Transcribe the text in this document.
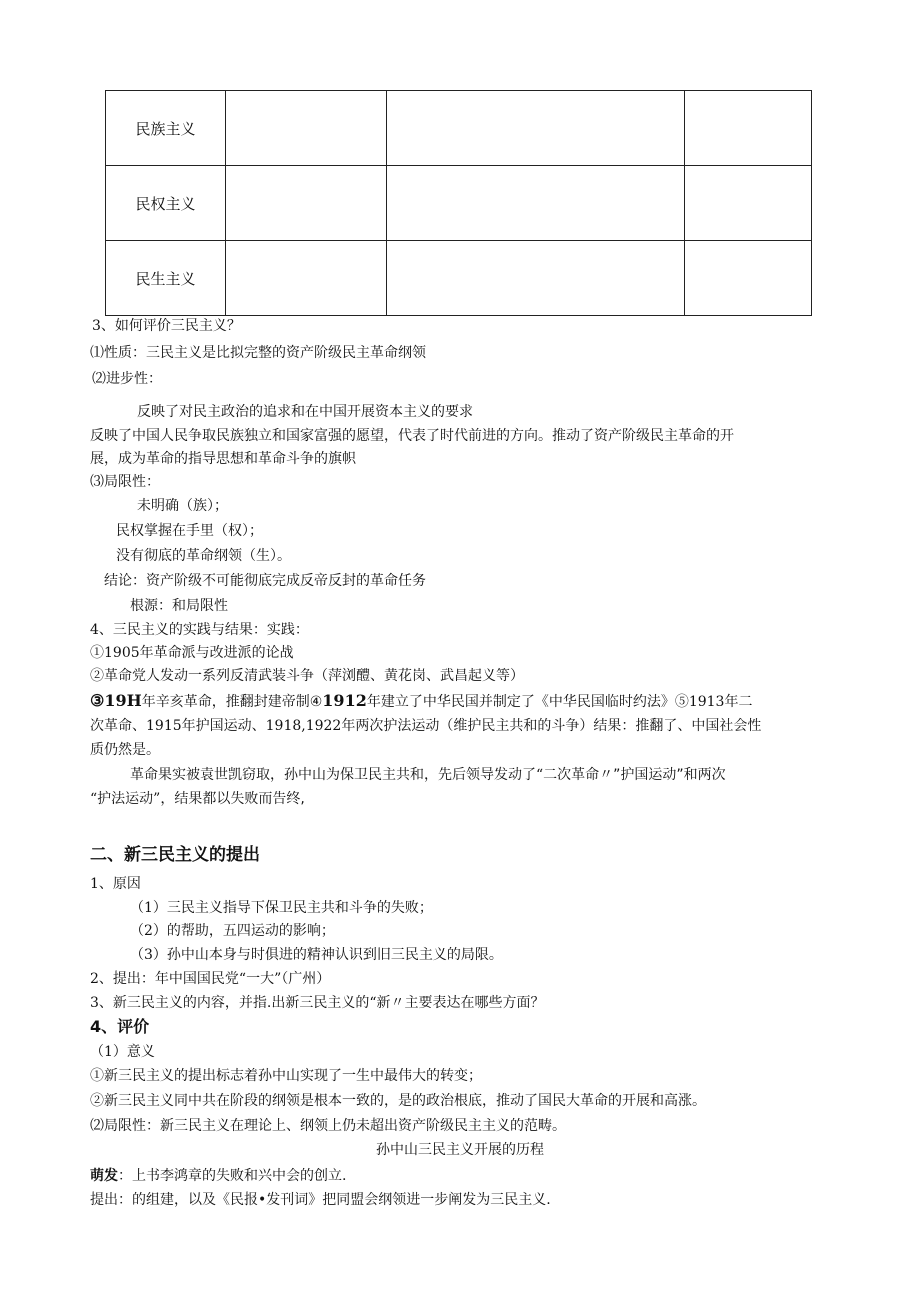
民族主义			
民权主义			
民生主义			
3、如何评价三民主义？
⑴性质：三民主义是比拟完整的资产阶级民主革命纲领
⑵进步性：
反映了对民主政治的追求和在中国开展资本主义的要求
反映了中国人民争取民族独立和国家富强的愿望，代表了时代前进的方向。推动了资产阶级民主革命的开
展，成为革命的指导思想和革命斗争的旗帜
⑶局限性：
未明确（族）；
民权掌握在手里（权）；
没有彻底的革命纲领（生）。
结论：资产阶级不可能彻底完成反帝反封的革命任务
根源：和局限性
4、三民主义的实践与结果：实践：
①1905年革命派与改进派的论战
②革命党人发动一系列反清武装斗争（萍浏醴、黄花岗、武昌起义等）
③19H年辛亥革命，推翻封建帝制④1912年建立了中华民国并制定了《中华民国临时约法》⑤1913年二
次革命、1915年护国运动、1918,1922年两次护法运动（维护民主共和的斗争）结果：推翻了、中国社会性
质仍然是。
革命果实被袁世凯窃取，孙中山为保卫民主共和，先后领导发动了“二次革命〃”护国运动”和两次
“护法运动”，结果都以失败而告终,
二、新三民主义的提出
1、原因
（1）三民主义指导下保卫民主共和斗争的失败；
（2）的帮助，五四运动的影响；
（3）孙中山本身与时俱进的精神认识到旧三民主义的局限。
2、提出：年中国国民党“一大”（广州）
3、新三民主义的内容，并指.出新三民主义的“新〃主要表达在哪些方面？
4、评价
（1）意义
①新三民主义的提出标志着孙中山实现了一生中最伟大的转变；
②新三民主义同中共在阶段的纲领是根本一致的，是的政治根底，推动了国民大革命的开展和高涨。
⑵局限性：新三民主义在理论上、纲领上仍未超出资产阶级民主主义的范畴。
孙中山三民主义开展的历程
萌发：上书李鸿章的失败和兴中会的创立.
提出：的组建，以及《民报•发刊词》把同盟会纲领进一步阐发为三民主义.
